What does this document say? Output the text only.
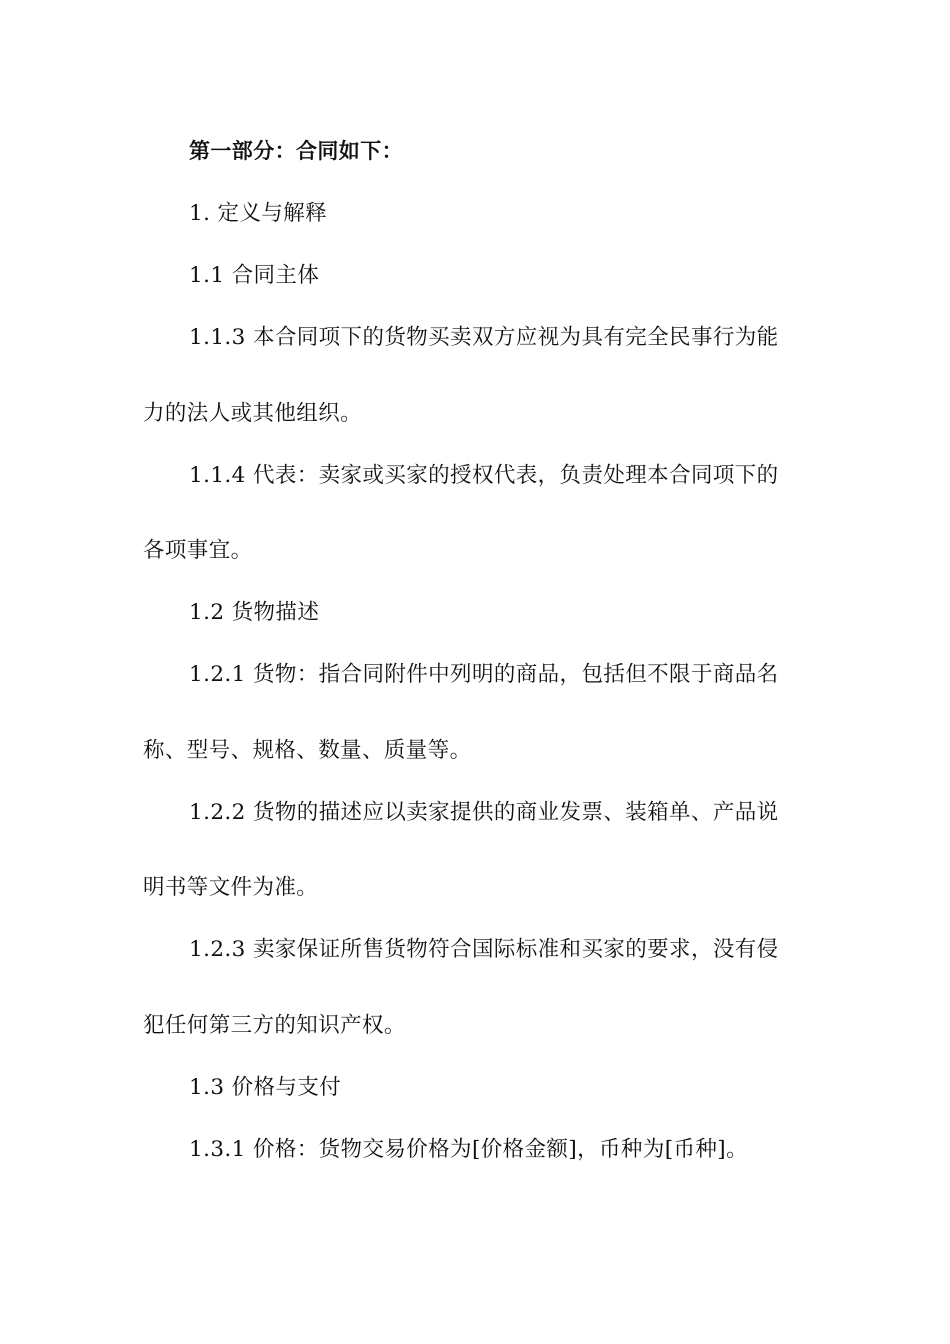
第一部分：合同如下：
1. 定义与解释
1.1 合同主体
1.1.3 本合同项下的货物买卖双方应视为具有完全民事行为能
力的法人或其他组织。
1.1.4 代表：卖家或买家的授权代表，负责处理本合同项下的
各项事宜。
1.2 货物描述
1.2.1 货物：指合同附件中列明的商品，包括但不限于商品名
称、型号、规格、数量、质量等。
1.2.2 货物的描述应以卖家提供的商业发票、装箱单、产品说
明书等文件为准。
1.2.3 卖家保证所售货物符合国际标准和买家的要求，没有侵
犯任何第三方的知识产权。
1.3 价格与支付
1.3.1 价格：货物交易价格为[价格金额]，币种为[币种]。
